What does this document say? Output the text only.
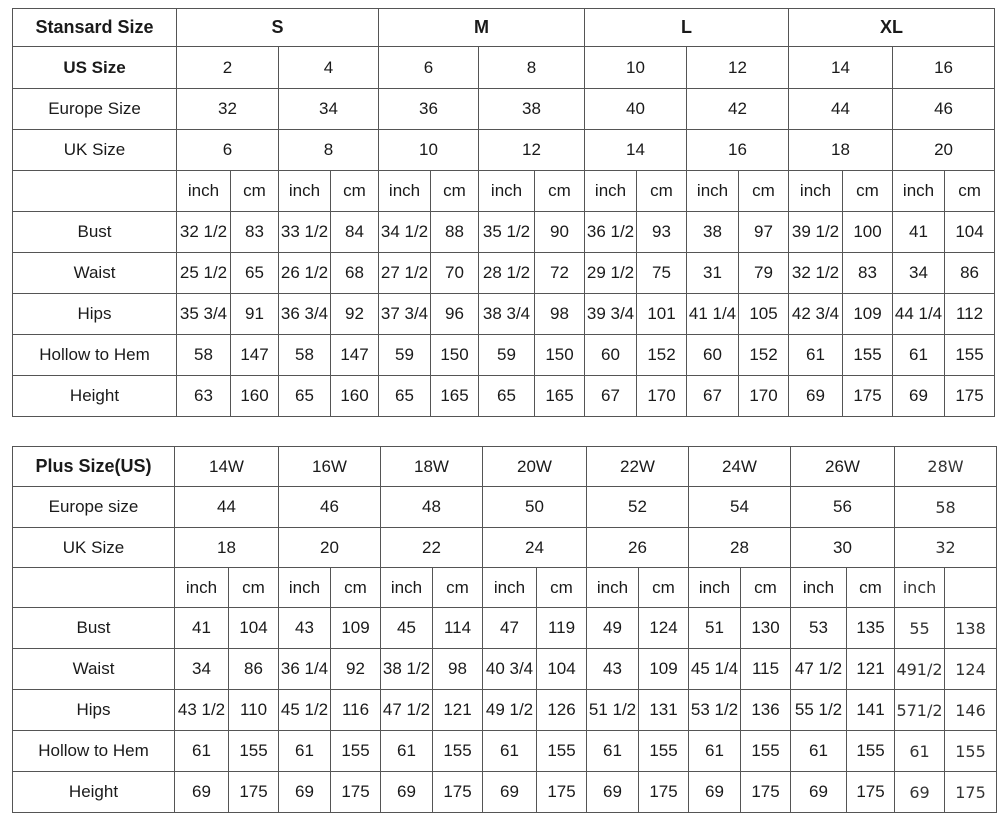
Stansard Size	S				M				L				XL			
US Size	2		4		6		8		10		12		14		16	
Europe Size	32		34		36		38		40		42		44		46	
UK Size	6		8		10		12		14		16		18		20	
	inch	cm	inch	cm	inch	cm	inch	cm	inch	cm	inch	cm	inch	cm	inch	cm
Bust	32 1/2	83	33 1/2	84	34 1/2	88	35 1/2	90	36 1/2	93	38	97	39 1/2	100	41	104
Waist	25 1/2	65	26 1/2	68	27 1/2	70	28 1/2	72	29 1/2	75	31	79	32 1/2	83	34	86
Hips	35 3/4	91	36 3/4	92	37 3/4	96	38 3/4	98	39 3/4	101	41 1/4	105	42 3/4	109	44 1/4	112
Hollow to Hem	58	147	58	147	59	150	59	150	60	152	60	152	61	155	61	155
Height	63	160	65	160	65	165	65	165	67	170	67	170	69	175	69	175
Plus Size(US)	14W		16W		18W		20W		22W		24W		26W		28W	
Europe size	44		46		48		50		52		54		56		58	
UK Size	18		20		22		24		26		28		30		32	
	inch	cm	inch	cm	inch	cm	inch	cm	inch	cm	inch	cm	inch	cm	inch	
Bust	41	104	43	109	45	114	47	119	49	124	51	130	53	135	55	138
Waist	34	86	36 1/4	92	38 1/2	98	40 3/4	104	43	109	45 1/4	115	47 1/2	121	491/2	124
Hips	43 1/2	110	45 1/2	116	47 1/2	121	49 1/2	126	51 1/2	131	53 1/2	136	55 1/2	141	571/2	146
Hollow to Hem	61	155	61	155	61	155	61	155	61	155	61	155	61	155	61	155
Height	69	175	69	175	69	175	69	175	69	175	69	175	69	175	69	175
